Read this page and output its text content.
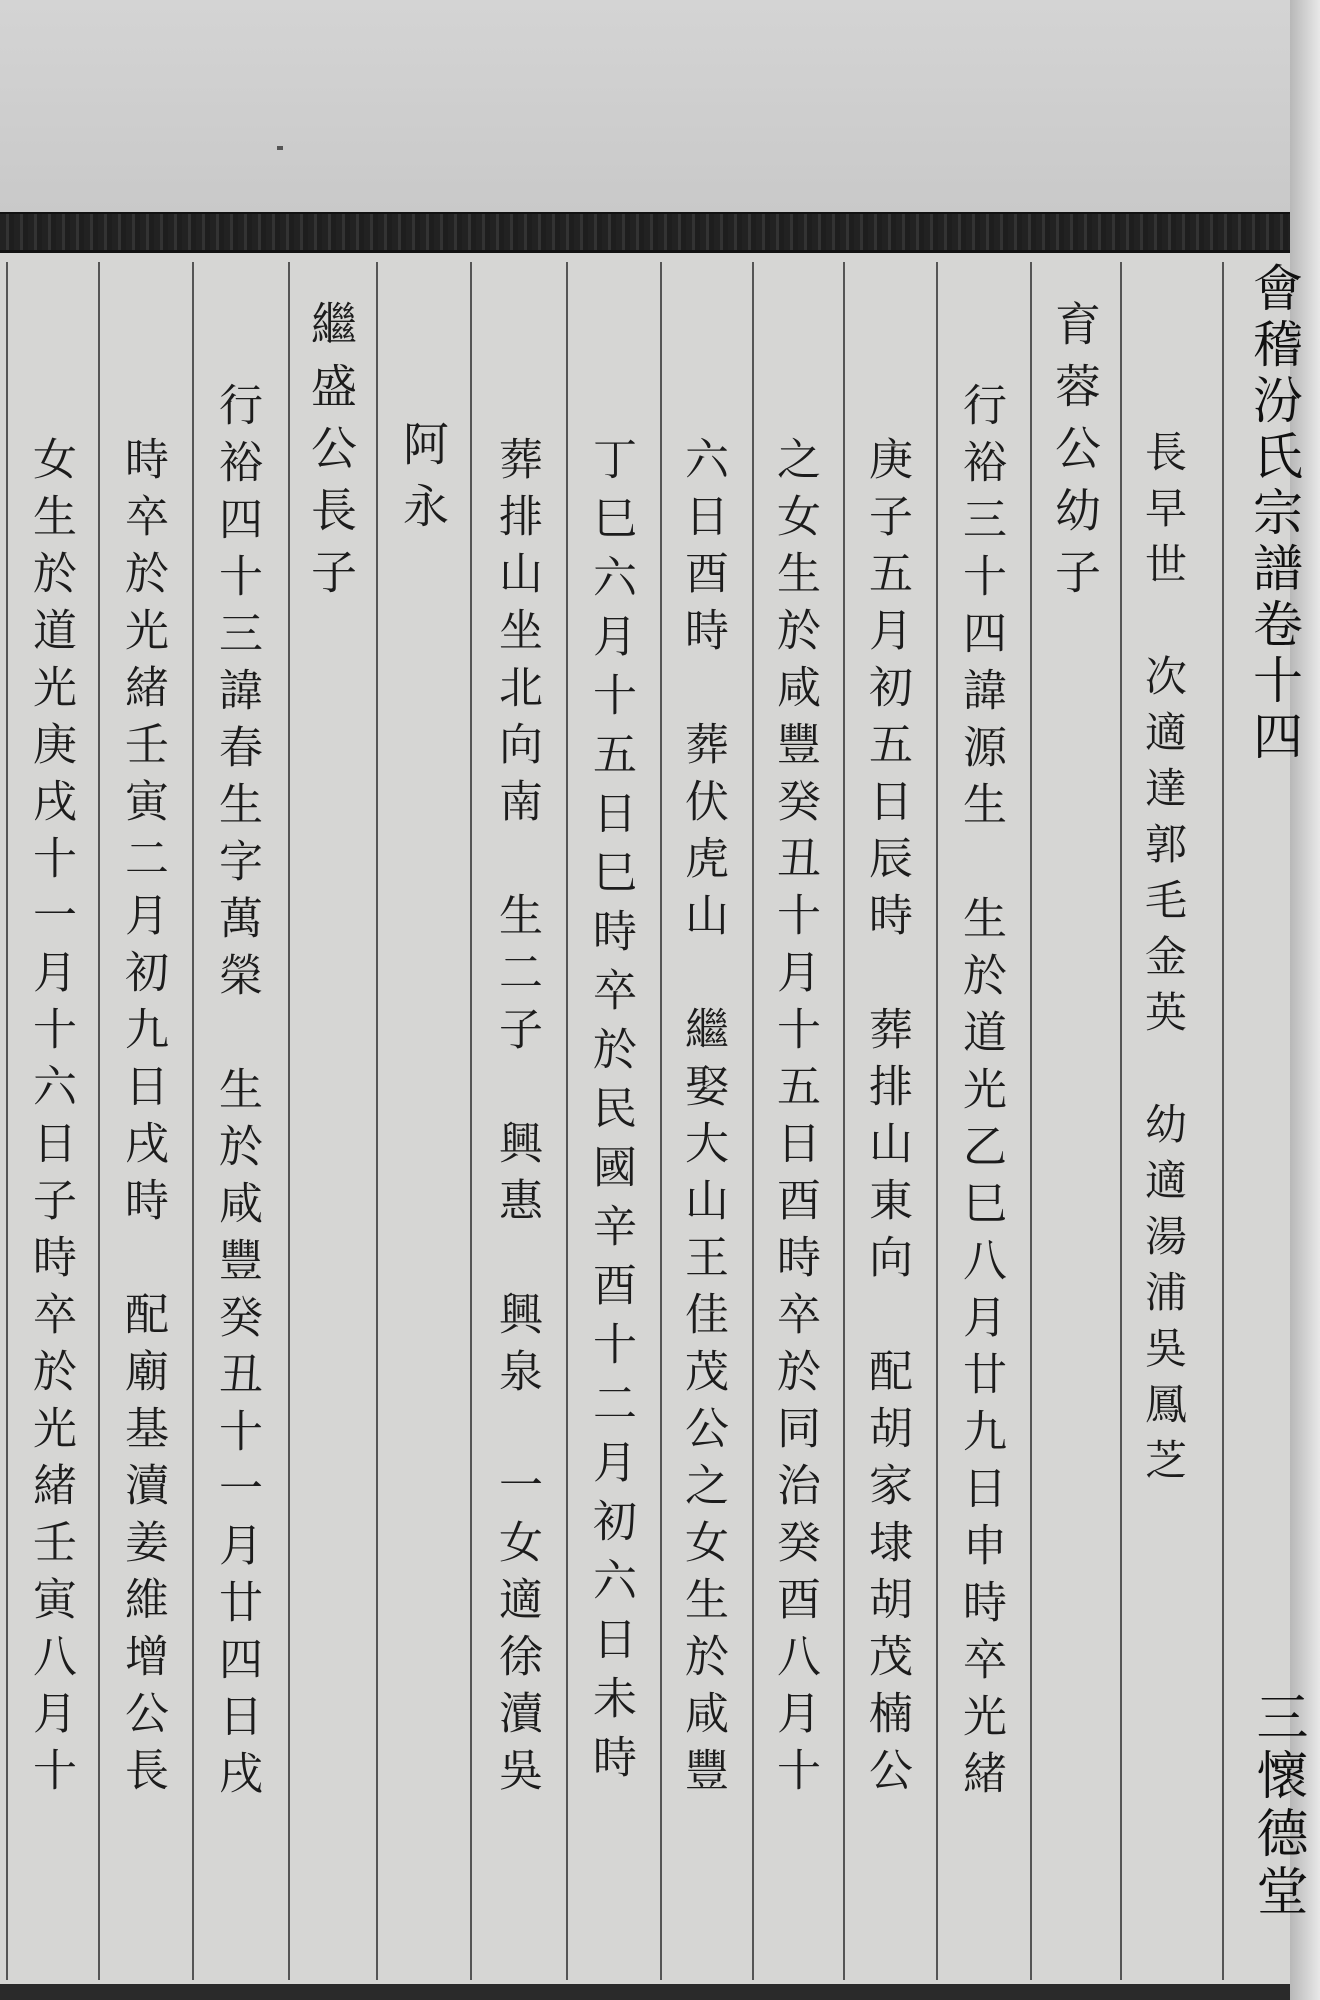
會稽汾氏宗譜卷十四
三懷德堂
長早世　次適達郭毛金英　幼適湯浦吳鳳芝
育蓉公幼子
行裕三十四諱源生　生於道光乙巳八月廿九日申時卒光緒
庚子五月初五日辰時　葬排山東向　配胡家埭胡茂楠公
之女生於咸豐癸丑十月十五日酉時卒於同治癸酉八月十
六日酉時　葬伏虎山　繼娶大山王佳茂公之女生於咸豐
丁巳六月十五日巳時卒於民國辛酉十二月初六日未時
葬排山坐北向南　生二子　興惠　興泉　一女適徐瀆吳
阿永
繼盛公長子
行裕四十三諱春生字萬榮　生於咸豐癸丑十一月廿四日戌
時卒於光緒壬寅二月初九日戌時　配廟基瀆姜維增公長
女生於道光庚戌十一月十六日子時卒於光緒壬寅八月十
